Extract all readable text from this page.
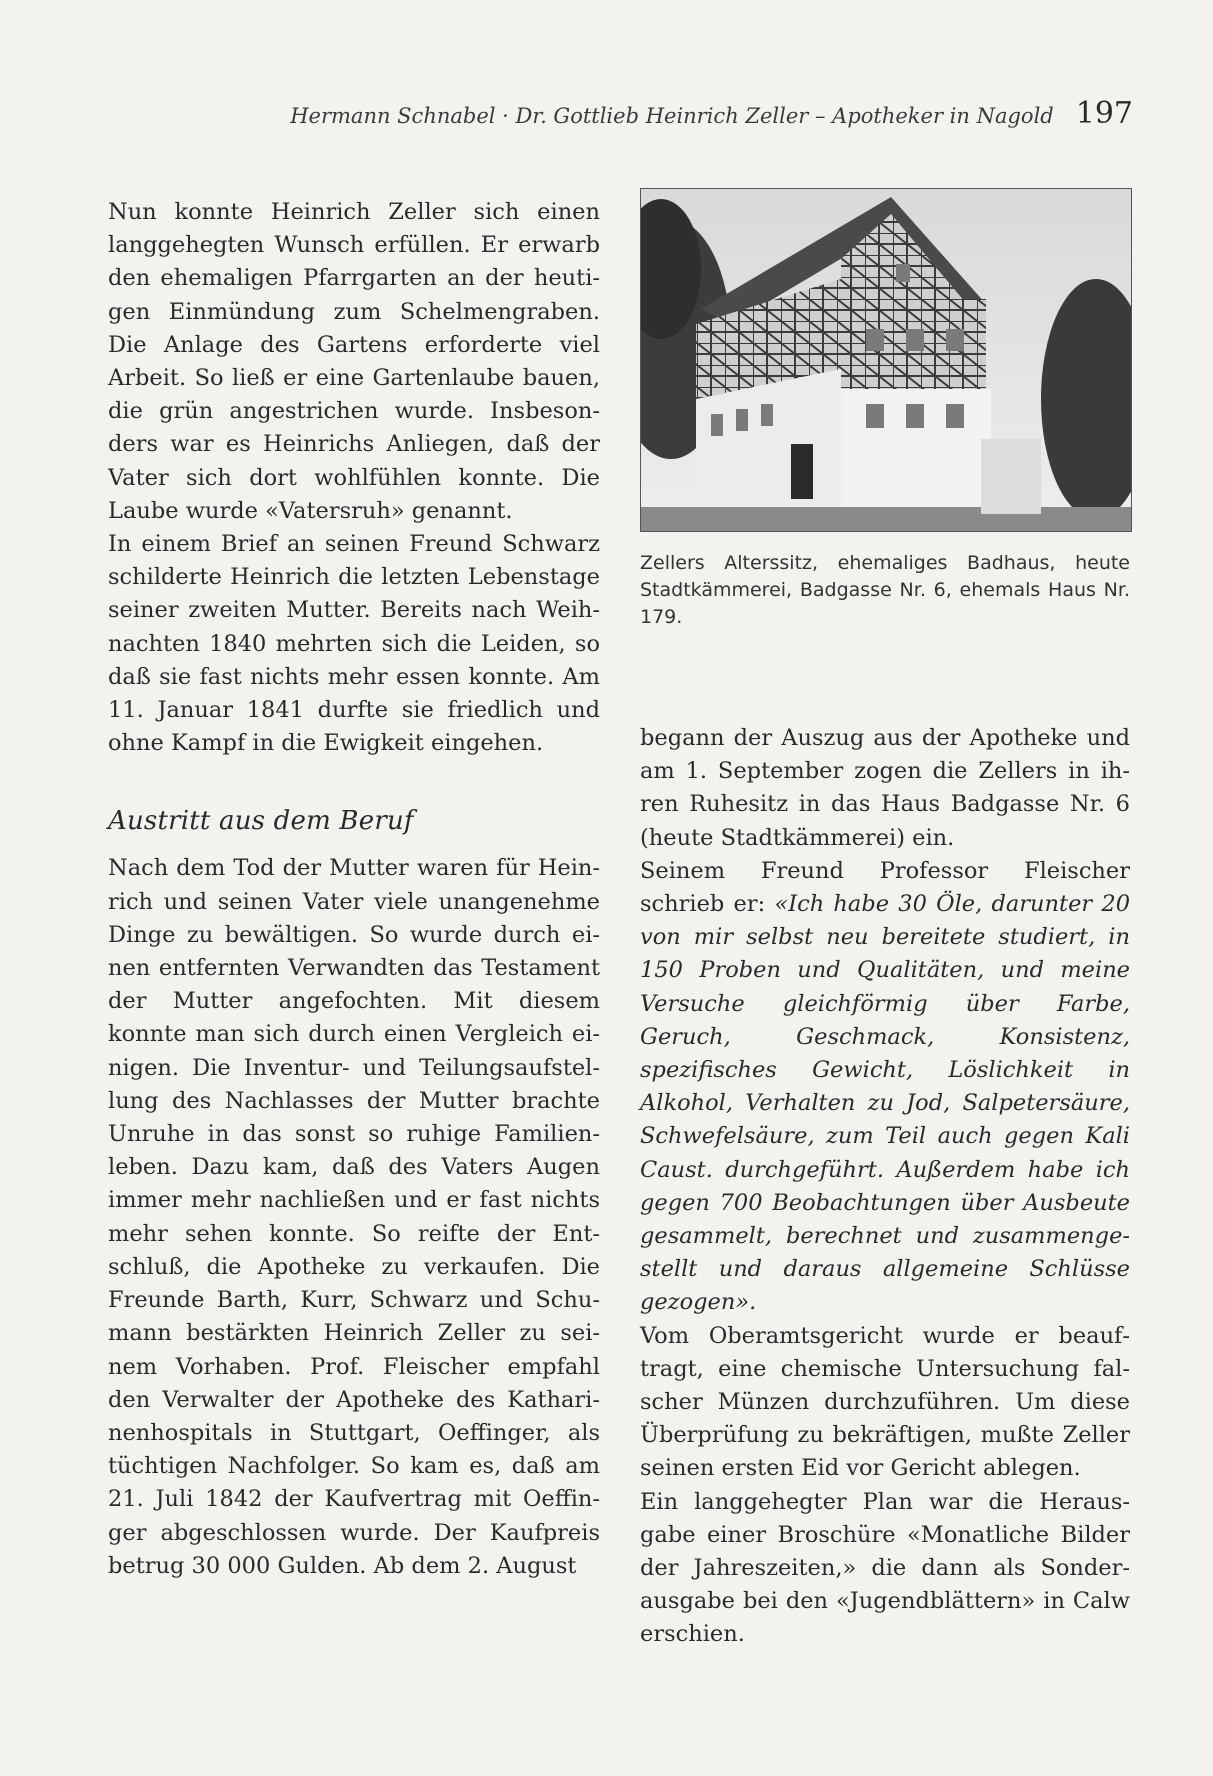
Hermann Schnabel · Dr. Gottlieb Heinrich Zeller – Apotheker in Nagold 197

Nun konnte Heinrich Zeller sich einen langgehegten Wunsch erfüllen. Er erwarb den ehemaligen Pfarrgarten an der heutigen Einmündung zum Schelmengraben. Die Anlage des Gartens erforderte viel Arbeit. So ließ er eine Gartenlaube bauen, die grün angestrichen wurde. Insbesonders war es Heinrichs Anliegen, daß der Vater sich dort wohlfühlen konnte. Die Laube wurde «Vatersruh» genannt.

In einem Brief an seinen Freund Schwarz schilderte Heinrich die letzten Lebenstage seiner zweiten Mutter. Bereits nach Weihnachten 1840 mehrten sich die Leiden, so daß sie fast nichts mehr essen konnte. Am 11. Januar 1841 durfte sie friedlich und ohne Kampf in die Ewigkeit eingehen.

Austritt aus dem Beruf

Nach dem Tod der Mutter waren für Heinrich und seinen Vater viele unangenehme Dinge zu bewältigen. So wurde durch einen entfernten Verwandten das Testament der Mutter angefochten. Mit diesem konnte man sich durch einen Vergleich einigen. Die Inventur- und Teilungsaufstellung des Nachlasses der Mutter brachte Unruhe in das sonst so ruhige Familienleben. Dazu kam, daß des Vaters Augen immer mehr nachließen und er fast nichts mehr sehen konnte. So reifte der Entschluß, die Apotheke zu verkaufen. Die Freunde Barth, Kurr, Schwarz und Schumann bestärkten Heinrich Zeller zu seinem Vorhaben. Prof. Fleischer empfahl den Verwalter der Apotheke des Katharinenhospitals in Stuttgart, Oeffinger, als tüchtigen Nachfolger. So kam es, daß am 21. Juli 1842 der Kaufvertrag mit Oeffinger abgeschlossen wurde. Der Kaufpreis betrug 30 000 Gulden. Ab dem 2. August

Zellers Alterssitz, ehemaliges Badhaus, heute Stadtkämmerei, Badgasse Nr. 6, ehemals Haus Nr. 179.

begann der Auszug aus der Apotheke und am 1. September zogen die Zellers in ihren Ruhesitz in das Haus Badgasse Nr. 6 (heute Stadtkämmerei) ein.

Seinem Freund Professor Fleischer schrieb er: «Ich habe 30 Öle, darunter 20 von mir selbst neu bereitete studiert, in 150 Proben und Qualitäten, und meine Versuche gleichförmig über Farbe, Geruch, Geschmack, Konsistenz, spezifisches Gewicht, Löslichkeit in Alkohol, Verhalten zu Jod, Salpetersäure, Schwefelsäure, zum Teil auch gegen Kali Caust. durchgeführt. Außerdem habe ich gegen 700 Beobachtungen über Ausbeute gesammelt, berechnet und zusammengestellt und daraus allgemeine Schlüsse gezogen».

Vom Oberamtsgericht wurde er beauftragt, eine chemische Untersuchung falscher Münzen durchzuführen. Um diese Überprüfung zu bekräftigen, mußte Zeller seinen ersten Eid vor Gericht ablegen.

Ein langgehegter Plan war die Herausgabe einer Broschüre «Monatliche Bilder der Jahreszeiten,» die dann als Sonderausgabe bei den «Jugendblättern» in Calw erschien.
